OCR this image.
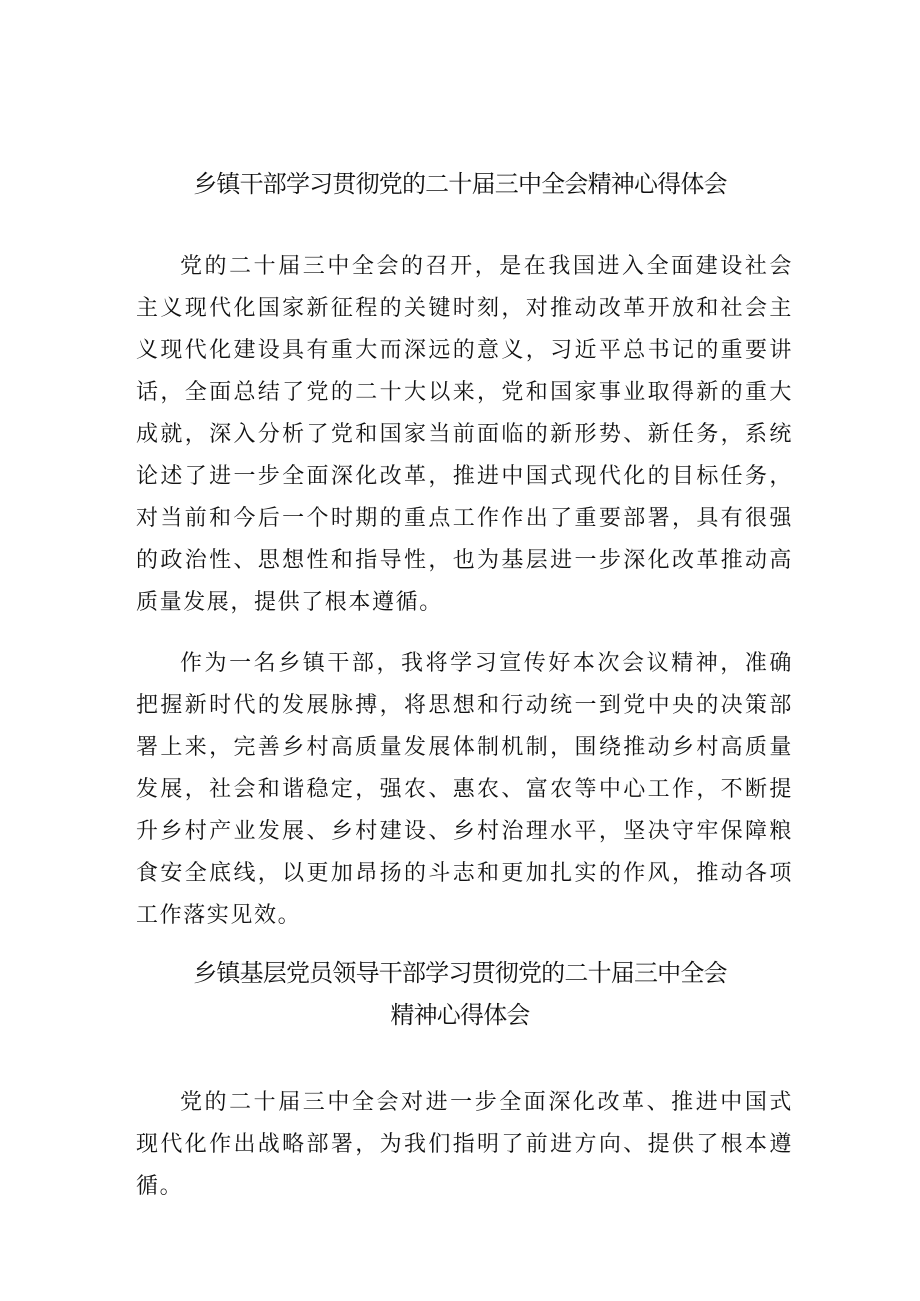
乡镇干部学习贯彻党的二十届三中全会精神心得体会

党的二十届三中全会的召开，是在我国进入全面建设社会主义现代化国家新征程的关键时刻，对推动改革开放和社会主义现代化建设具有重大而深远的意义，习近平总书记的重要讲话，全面总结了党的二十大以来，党和国家事业取得新的重大成就，深入分析了党和国家当前面临的新形势、新任务，系统论述了进一步全面深化改革，推进中国式现代化的目标任务，对当前和今后一个时期的重点工作作出了重要部署，具有很强的政治性、思想性和指导性，也为基层进一步深化改革推动高质量发展，提供了根本遵循。

作为一名乡镇干部，我将学习宣传好本次会议精神，准确把握新时代的发展脉搏，将思想和行动统一到党中央的决策部署上来，完善乡村高质量发展体制机制，围绕推动乡村高质量发展，社会和谐稳定，强农、惠农、富农等中心工作，不断提升乡村产业发展、乡村建设、乡村治理水平，坚决守牢保障粮食安全底线，以更加昂扬的斗志和更加扎实的作风，推动各项工作落实见效。

乡镇基层党员领导干部学习贯彻党的二十届三中全会
精神心得体会

党的二十届三中全会对进一步全面深化改革、推进中国式现代化作出战略部署，为我们指明了前进方向、提供了根本遵循。
